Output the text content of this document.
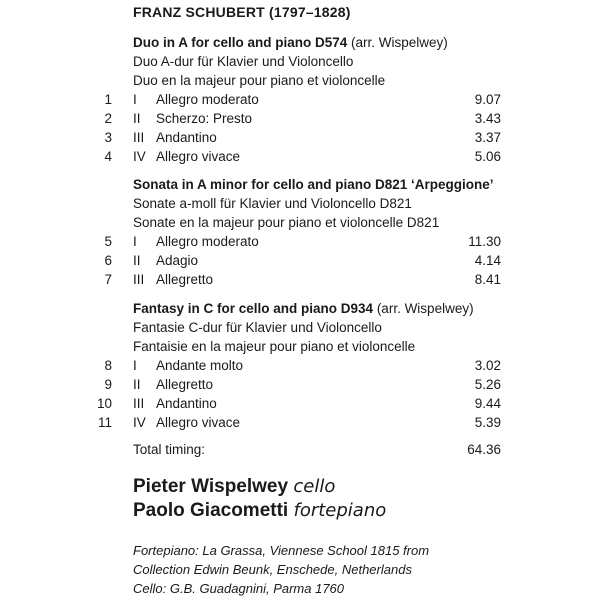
FRANZ SCHUBERT (1797–1828)
Duo in A for cello and piano D574 (arr. Wispelwey)
Duo A-dur für Klavier und Violoncello
Duo en la majeur pour piano et violoncelle
1 I Allegro moderato	9.07
2 II Scherzo: Presto	3.43
3 III Andantino	3.37
4 IV Allegro vivace	5.06
Sonata in A minor for cello and piano D821 ‘Arpeggione’
Sonate a-moll für Klavier und Violoncello D821
Sonate en la majeur pour piano et violoncelle D821
5 I Allegro moderato	11.30
6 II Adagio	4.14
7 III Allegretto	8.41
Fantasy in C for cello and piano D934 (arr. Wispelwey)
Fantasie C-dur für Klavier und Violoncello
Fantaisie en la majeur pour piano et violoncelle
8 I Andante molto	3.02
9 II Allegretto	5.26
10 III Andantino	9.44
11 IV Allegro vivace	5.39
Total timing:	64.36
Pieter Wispelwey cello
Paolo Giacometti fortepiano
Fortepiano: La Grassa, Viennese School 1815 from
Collection Edwin Beunk, Enschede, Netherlands
Cello: G.B. Guadagnini, Parma 1760
